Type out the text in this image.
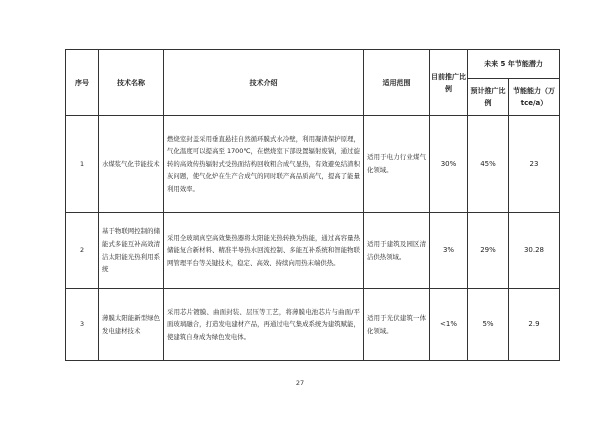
序号	技术名称	技术介绍	适用范围	目前推广比例	未来 5 年节能潜力	
					预计推广比例	节能能力（万 tce/a）
1	水煤浆气化节能技术	燃烧室封盖采用垂直悬挂自然循环膜式水冷壁，利用凝渣保护原理，气化温度可以提高至 1700℃，在燃烧室下部设置辐射废锅，通过旋转的高效传热辐射式受热面结构回收粗合成气显热，有效避免结渣积灰问题，使气化炉在生产合成气的同时联产高品质高气，提高了能量利用效率。	适用于电力行业煤气化领域。	30%	45%	23
2	基于物联网控制的储能式多能互补高效清洁太阳能光热利用系统	采用全玻璃真空高效集热器将太阳能光热转换为热能，通过高容量热储能复合新材料、精准半导热水回流控制、多能互补系统和智能物联网管理平台等关键技术，稳定、高效、持续向用热末端供热。	适用于建筑及园区清洁供热领域。	3%	29%	30.28
3	薄膜太阳能新型绿色发电建材技术	采用芯片镀膜、曲面封装、层压等工艺，将薄膜电池芯片与曲面/平面玻璃融合，打造发电建材产品，再通过电气集成系统为建筑赋能，使建筑自身成为绿色发电体。	适用于光伏建筑一体化领域。	<1%	5%	2.9
27
